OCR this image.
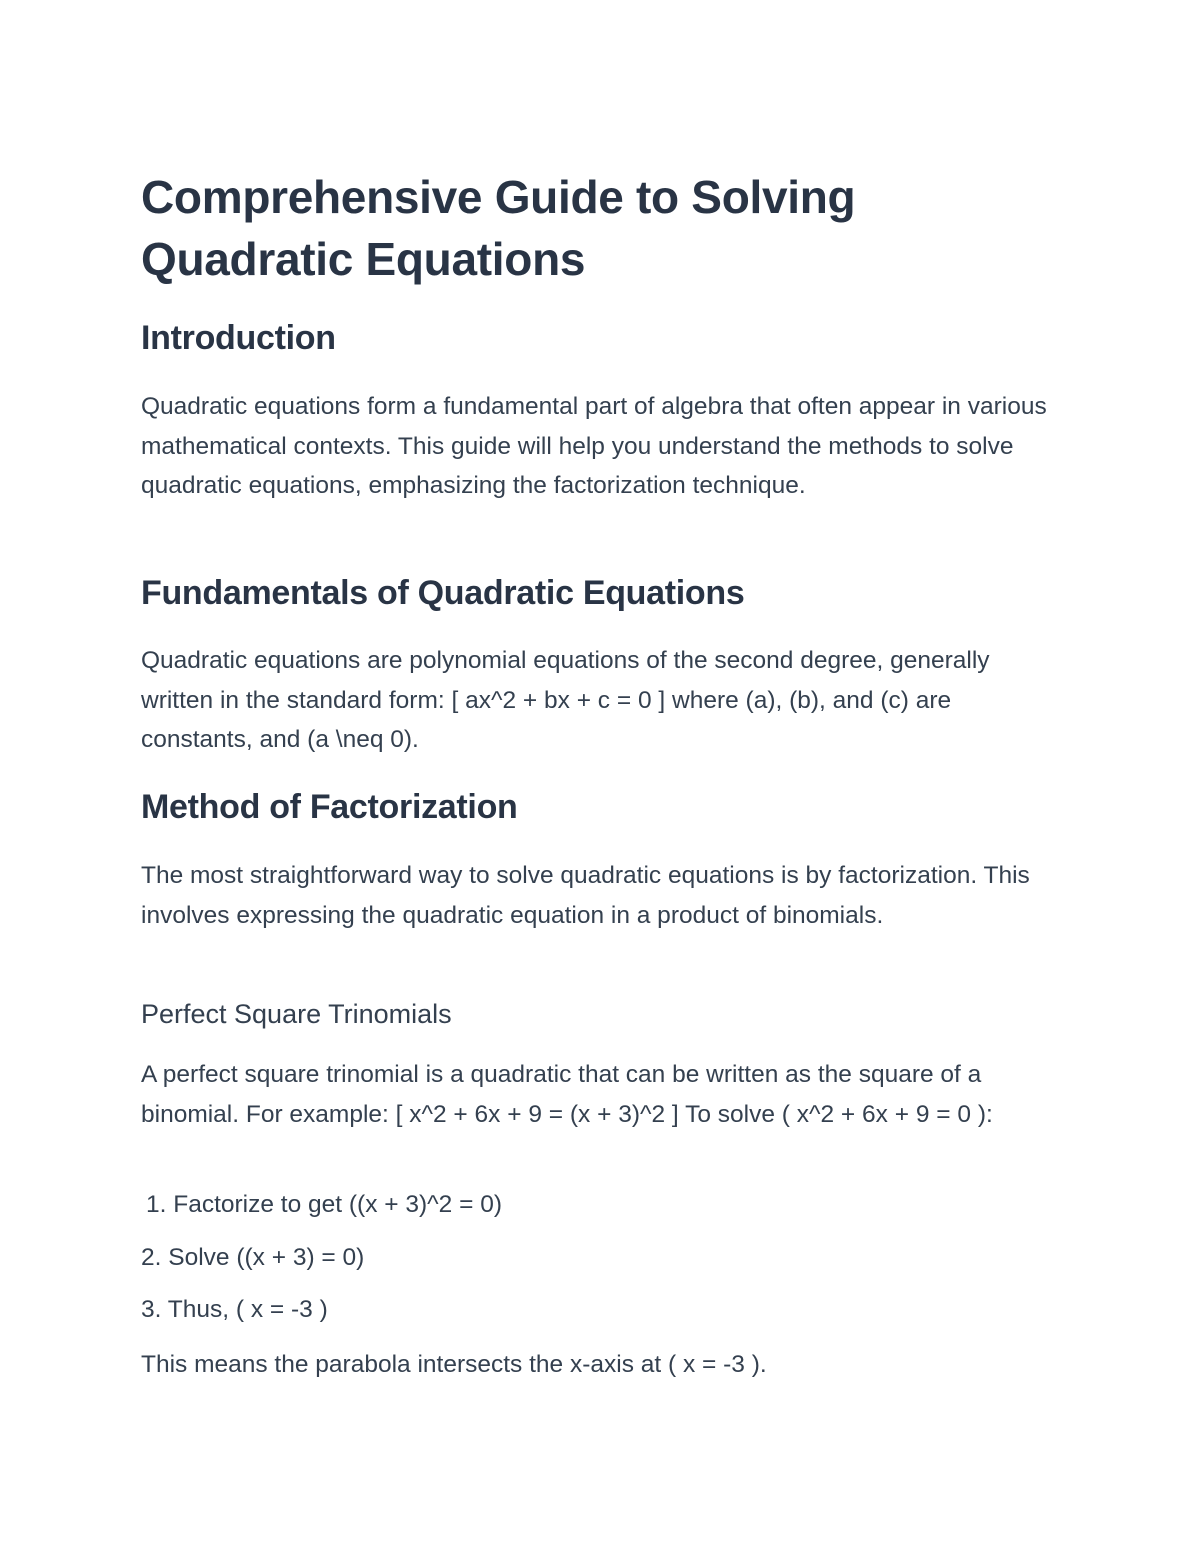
Comprehensive Guide to Solving Quadratic Equations
Introduction

Quadratic equations form a fundamental part of algebra that often appear in various mathematical contexts. This guide will help you understand the methods to solve quadratic equations, emphasizing the factorization technique.

Fundamentals of Quadratic Equations

Quadratic equations are polynomial equations of the second degree, generally written in the standard form: [ ax^2 + bx + c = 0 ] where (a), (b), and (c) are constants, and (a \neq 0).

Method of Factorization

The most straightforward way to solve quadratic equations is by factorization. This involves expressing the quadratic equation in a product of binomials.

Perfect Square Trinomials

A perfect square trinomial is a quadratic that can be written as the square of a binomial. For example: [ x^2 + 6x + 9 = (x + 3)^2 ] To solve ( x^2 + 6x + 9 = 0 ):

1. Factorize to get ((x + 3)^2 = 0)
2. Solve ((x + 3) = 0)
3. Thus, ( x = -3 )

This means the parabola intersects the x-axis at ( x = -3 ).
